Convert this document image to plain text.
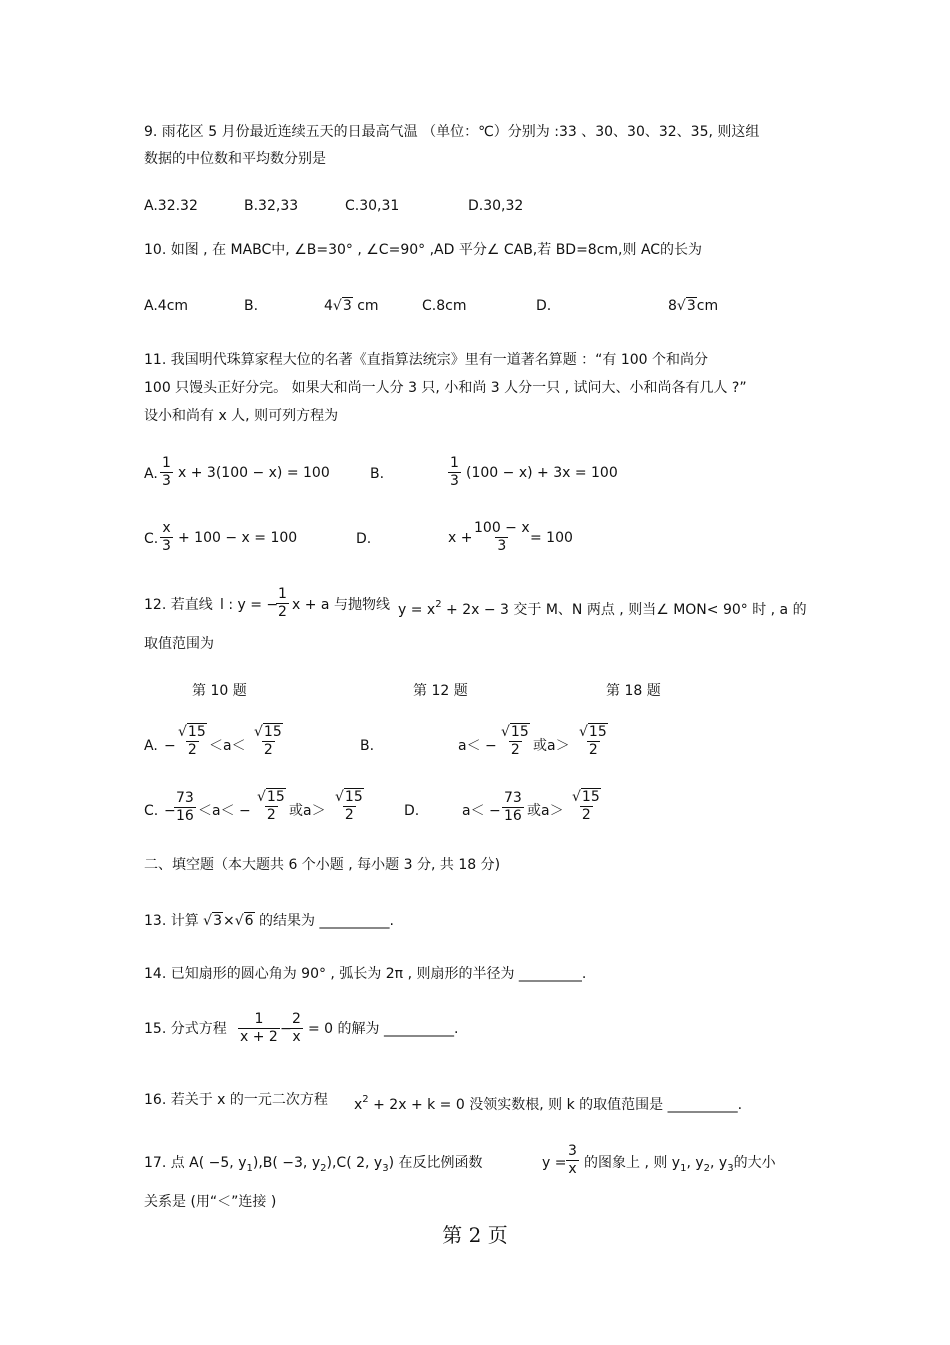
9. 雨花区 5 月份最近连续五天的日最高气温 （单位：℃）分别为 :33 、30、30、32、35, 则这组
数据的中位数和平均数分别是
A.32.32	B.32,33	C.30,31	D.30,32
10. 如图 , 在 MABC中, ∠B=30° , ∠C=90° ,AD 平分∠ CAB,若 BD=8cm,则 AC的长为
A.4cm	B.	4√3 cm	C.8cm	D.	8√3cm
11. 我国明代珠算家程大位的名著《直指算法统宗》里有一道著名算题 ：“有 100 个和尚分
100 只馒头正好分完。 如果大和尚一人分 3 只, 小和尚 3 人分一只 , 试问大、小和尚各有几人 ?”
设小和尚有 x 人, 则可列方程为
A. $\frac{1}{3}$ x + 3(100 − x) = 100	B.	$\frac{1}{3} (100 - x) + 3x = 100$
C. $\frac{x}{3} + 100 - x = 100$	D.	$x + \frac{100 - x}{3}$
= 100
12. 若直线 l : y = −
$\frac{1}{2}$ x + a 与抛物线 $y = x^2 + 2x - 3$ 交于 M、N 两点 , 则当∠ MON< 90° 时 , a 的
取值范围为
第 10 题	第 12 题	第 18 题
A. − $\frac{√15}{2} <a< \frac{√15}{2}$	B.	$a< - \frac{√15}{2}$ 或$a> \frac{√15}{2}$
C. −
$\frac{73}{16} <a< - \frac{√15}{2}$ 或$a> \frac{√15}{2}$	D.	$a< - \frac{73}{16}$ 或$a> \frac{√15}{2}$
二、填空题（本大题共 6 个小题 , 每小题 3 分, 共 18 分)
13. 计算 √3×√6 的结果为 __________.
14. 已知扇形的圆心角为 90° , 弧长为 2π , 则扇形的半径为 _________.
15. 分式方程 $\frac{1}{x + 2}$ −
$\frac{2}{x} = 0$ 的解为 __________.
16. 若关于 x 的一元二次方程 $x^2 + 2x + k = 0$ 没领实数根, 则 k 的取值范围是 __________.
17. 点 A( −5, $y_1),B( -3$, $y_2),C$( 2, $y_3$) 在反比例函数	$y = \frac{3}{x}$ 的图象上 , 则 $y_1$, $y_2$, $y_3$的大小
关系是 (用“＜”连接 )
第 2 页
